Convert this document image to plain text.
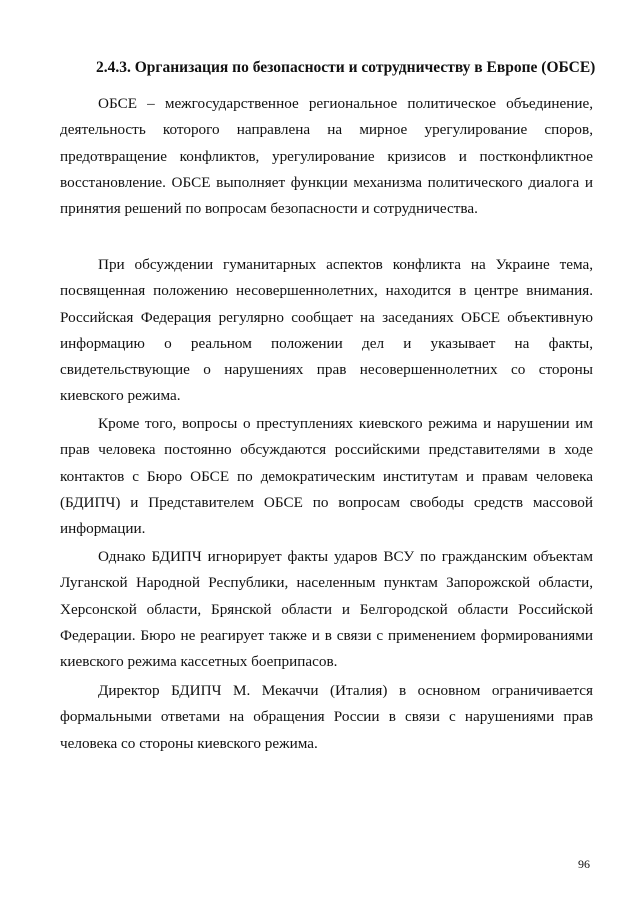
2.4.3. Организация по безопасности и сотрудничеству в Европе (ОБСЕ)

ОБСЕ – межгосударственное региональное политическое объединение, деятельность которого направлена на мирное урегулирование споров, предотвращение конфликтов, урегулирование кризисов и постконфликтное восстановление. ОБСЕ выполняет функции механизма политического диалога и принятия решений по вопросам безопасности и сотрудничества.

При обсуждении гуманитарных аспектов конфликта на Украине тема, посвященная положению несовершеннолетних, находится в центре внимания. Российская Федерация регулярно сообщает на заседаниях ОБСЕ объективную информацию о реальном положении дел и указывает на факты, свидетельствующие о нарушениях прав несовершеннолетних со стороны киевского режима.

Кроме того, вопросы о преступлениях киевского режима и нарушении им прав человека постоянно обсуждаются российскими представителями в ходе контактов с Бюро ОБСЕ по демократическим институтам и правам человека (БДИПЧ) и Представителем ОБСЕ по вопросам свободы средств массовой информации.

Однако БДИПЧ игнорирует факты ударов ВСУ по гражданским объектам Луганской Народной Республики, населенным пунктам Запорожской области, Херсонской области, Брянской области и Белгородской области Российской Федерации. Бюро не реагирует также и в связи с применением формированиями киевского режима кассетных боеприпасов.

Директор БДИПЧ М. Мекаччи (Италия) в основном ограничивается формальными ответами на обращения России в связи с нарушениями прав человека со стороны киевского режима.

96
